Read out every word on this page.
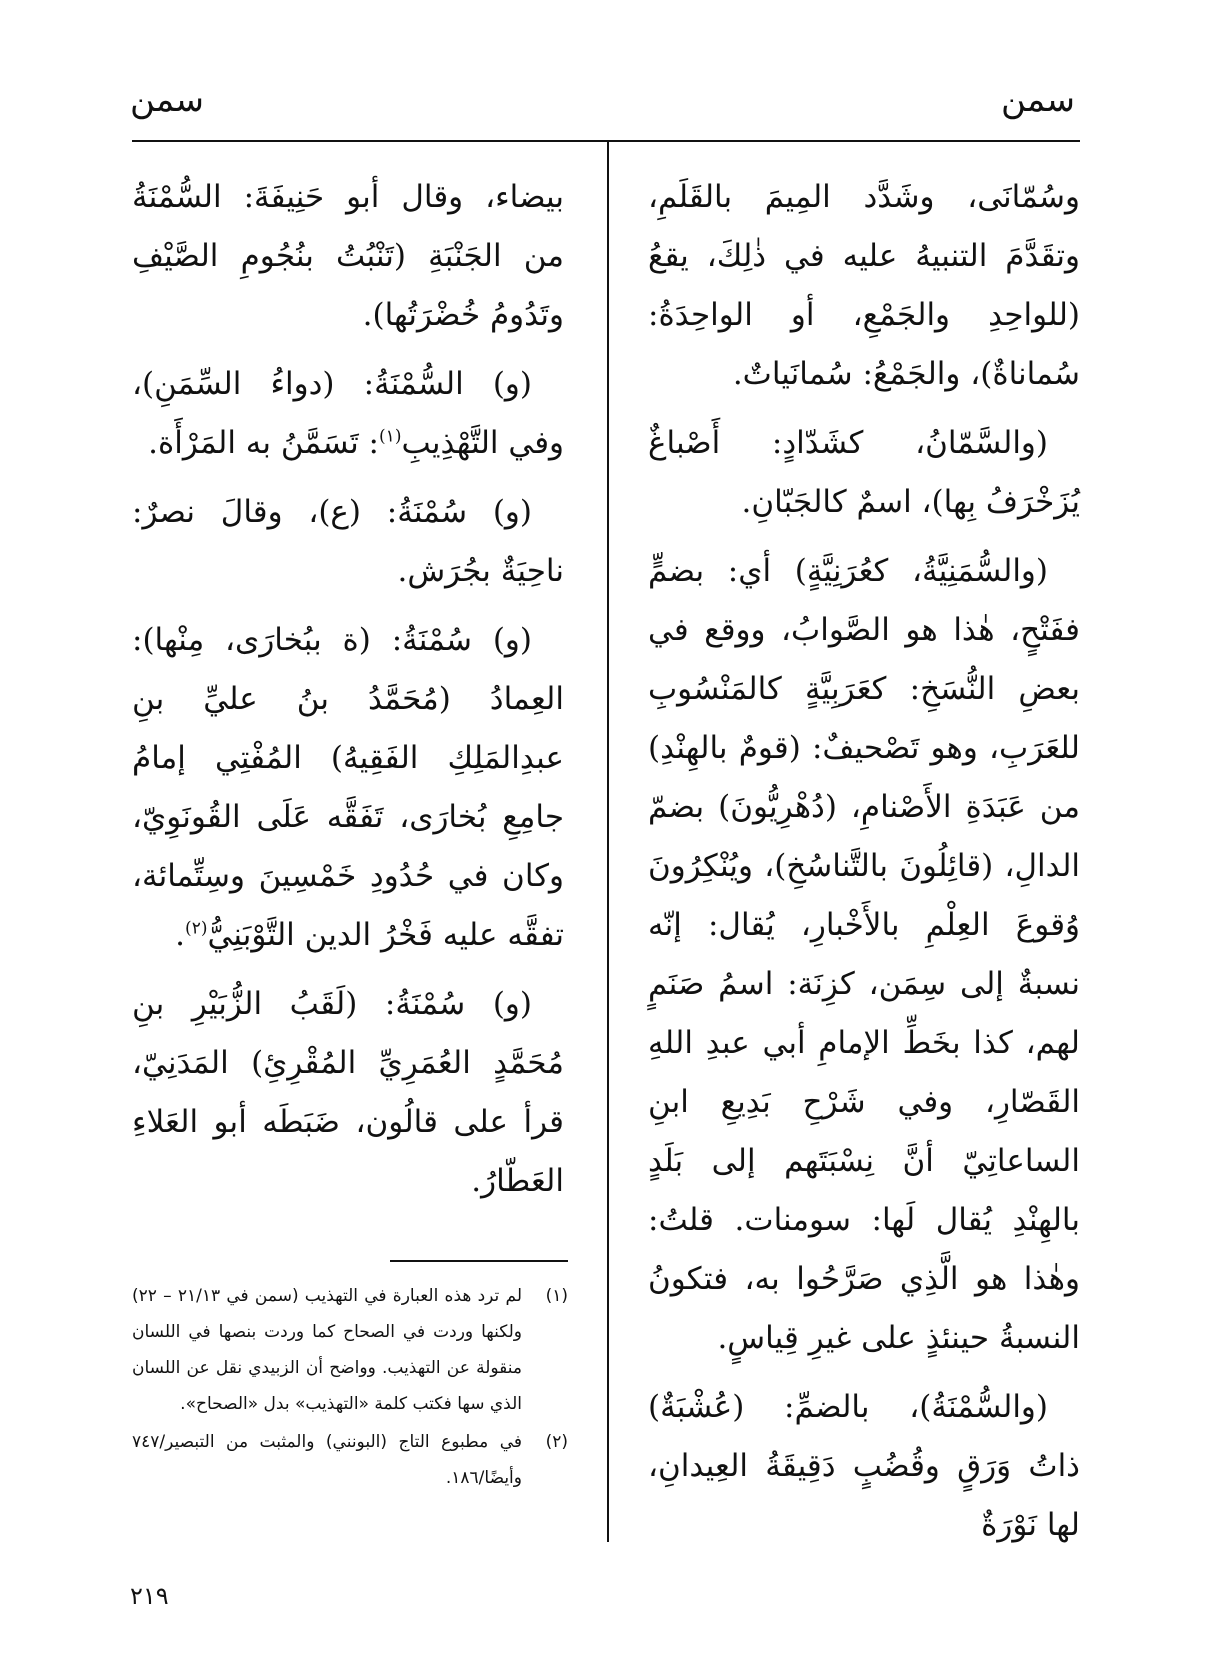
سمن
سمن

وسُمّانَى، وشَدَّد المِيمَ بالقَلَمِ، وتقَدَّمَ التنبيهُ عليه في ذٰلِكَ، يقعُ (للواحِدِ والجَمْعِ، أو الواحِدَةُ: سُماناةٌ)، والجَمْعُ: سُمانَياتٌ.

(والسَّمّانُ، كشَدّادٍ: أَصْباغٌ يُزَخْرَفُ بِها)، اسمٌ كالجَبّانِ.

(والسُّمَنِيَّةُ، كعُرَنِيَّةٍ) أي: بضمٍّ ففَتْحٍ، هٰذا هو الصَّوابُ، ووقع في بعضِ النُّسَخِ: كعَرَبِيَّةٍ كالمَنْسُوبِ للعَرَبِ، وهو تَصْحيفٌ: (قومٌ بالهِنْدِ) من عَبَدَةِ الأَصْنامِ، (دُهْرِيُّونَ) بضمّ الدالِ، (قائِلُونَ بالتَّناسُخِ)، ويُنْكِرُونَ وُقوعَ العِلْمِ بالأَخْبارِ، يُقال: إنّه نسبةٌ إلى سِمَن، كزِنَة: اسمُ صَنَمٍ لهم، كذا بخَطِّ الإمامِ أبي عبدِ اللهِ القَصّارِ، وفي شَرْحِ بَدِيعِ ابنِ الساعاتِيّ أنَّ نِسْبَتَهم إلى بَلَدٍ بالهِنْدِ يُقال لَها: سومنات. قلتُ: وهٰذا هو الَّذِي صَرَّحُوا به، فتكونُ النسبةُ حينئذٍ على غيرِ قِياسٍ.

(والسُّمْنَةُ)، بالضمِّ: (عُشْبَةٌ) ذاتُ وَرَقٍ وقُضُبٍ دَقِيقَةُ العِيدانِ، لها نَوْرَةٌ

بيضاء، وقال أبو حَنِيفَةَ: السُّمْنَةُ من الجَنْبَةِ (تَنْبُتُ بنُجُومِ الصَّيْفِ وتَدُومُ خُضْرَتُها).

(و) السُّمْنَةُ: (دواءُ السِّمَنِ)، وفي التَّهْذِيبِ$^{(١)}$: تَسَمَّنُ به المَرْأَة.

(و) سُمْنَةُ: (ع)، وقالَ نصرٌ: ناحِيَةٌ بجُرَش.

(و) سُمْنَةُ: (ة ببُخارَى، مِنْها): العِمادُ (مُحَمَّدُ بنُ عليِّ بنِ عبدِالمَلِكِ الفَقِيهُ) المُفْتِي إمامُ جامِعِ بُخارَى، تَفَقَّه عَلَى القُونَوِيّ، وكان في حُدُودِ خَمْسِينَ وسِتِّمائة، تفقَّه عليه فَخْرُ الدين التَّوْبَنِيُّ$^{(٢)}$.

(و) سُمْنَةُ: (لَقَبُ الزُّبَيْرِ بنِ مُحَمَّدٍ العُمَرِيِّ المُقْرِئِ) المَدَنِيّ، قرأ على قالُون، ضَبَطَه أبو العَلاءِ العَطّارُ.

(١)
لم ترد هذه العبارة في التهذيب (سمن في ٢١/١٣ – ٢٢) ولكنها وردت في الصحاح كما وردت بنصها في اللسان منقولة عن التهذيب. وواضح أن الزبيدي نقل عن اللسان الذي سها فكتب كلمة «التهذيب» بدل «الصحاح».
(٢)
في مطبوع التاج (البونني) والمثبت من التبصير/٧٤٧ وأيضًا/١٨٦.
٢١٩
